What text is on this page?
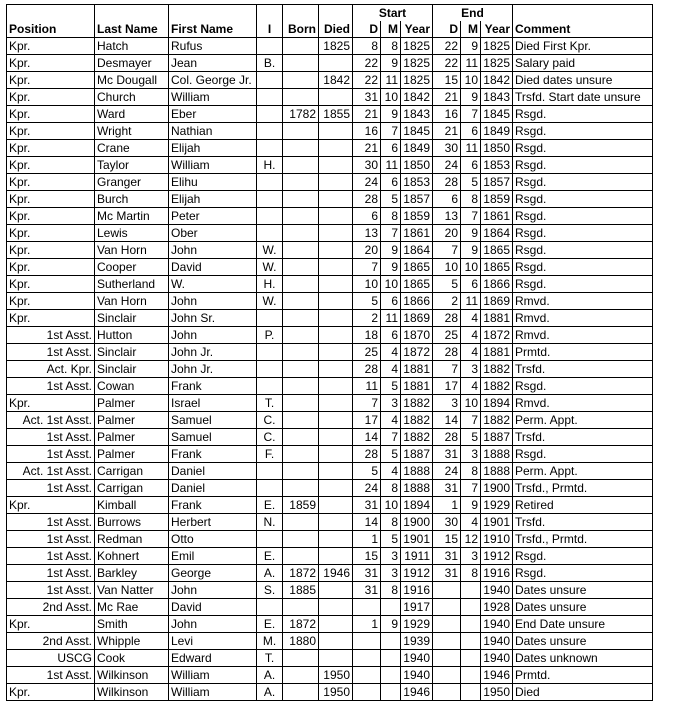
						Start			End			
Position	Last Name	First Name	I	Born	Died	D	M	Year	D	M	Year	Comment
Kpr.	Hatch	Rufus			1825	8	8	1825	22	9	1825	Died First Kpr.
Kpr.	Desmayer	Jean	B.			22	9	1825	22	11	1825	Salary paid
Kpr.	Mc Dougall	Col. George Jr.			1842	22	11	1825	15	10	1842	Died dates unsure
Kpr.	Church	William				31	10	1842	21	9	1843	Trsfd. Start date unsure
Kpr.	Ward	Eber		1782	1855	21	9	1843	16	7	1845	Rsgd.
Kpr.	Wright	Nathian				16	7	1845	21	6	1849	Rsgd.
Kpr.	Crane	Elijah				21	6	1849	30	11	1850	Rsgd.
Kpr.	Taylor	William	H.			30	11	1850	24	6	1853	Rsgd.
Kpr.	Granger	Elihu				24	6	1853	28	5	1857	Rsgd.
Kpr.	Burch	Elijah				28	5	1857	6	8	1859	Rsgd.
Kpr.	Mc Martin	Peter				6	8	1859	13	7	1861	Rsgd.
Kpr.	Lewis	Ober				13	7	1861	20	9	1864	Rsgd.
Kpr.	Van Horn	John	W.			20	9	1864	7	9	1865	Rsgd.
Kpr.	Cooper	David	W.			7	9	1865	10	10	1865	Rsgd.
Kpr.	Sutherland	W.	H.			10	10	1865	5	6	1866	Rsgd.
Kpr.	Van Horn	John	W.			5	6	1866	2	11	1869	Rmvd.
Kpr.	Sinclair	John Sr.				2	11	1869	28	4	1881	Rmvd.
1st Asst.	Hutton	John	P.			18	6	1870	25	4	1872	Rmvd.
1st Asst.	Sinclair	John Jr.				25	4	1872	28	4	1881	Prmtd.
Act. Kpr.	Sinclair	John Jr.				28	4	1881	7	3	1882	Trsfd.
1st Asst.	Cowan	Frank				11	5	1881	17	4	1882	Rsgd.
Kpr.	Palmer	Israel	T.			7	3	1882	3	10	1894	Rmvd.
Act. 1st Asst.	Palmer	Samuel	C.			17	4	1882	14	7	1882	Perm. Appt.
1st Asst.	Palmer	Samuel	C.			14	7	1882	28	5	1887	Trsfd.
1st Asst.	Palmer	Frank	F.			28	5	1887	31	3	1888	Rsgd.
Act. 1st Asst.	Carrigan	Daniel				5	4	1888	24	8	1888	Perm. Appt.
1st Asst.	Carrigan	Daniel				24	8	1888	31	7	1900	Trsfd., Prmtd.
Kpr.	Kimball	Frank	E.	1859		31	10	1894	1	9	1929	Retired
1st Asst.	Burrows	Herbert	N.			14	8	1900	30	4	1901	Trsfd.
1st Asst.	Redman	Otto				1	5	1901	15	12	1910	Trsfd., Prmtd.
1st Asst.	Kohnert	Emil	E.			15	3	1911	31	3	1912	Rsgd.
1st Asst.	Barkley	George	A.	1872	1946	31	3	1912	31	8	1916	Rsgd.
1st Asst.	Van Natter	John	S.	1885		31	8	1916			1940	Dates unsure
2nd Asst.	Mc Rae	David						1917			1928	Dates unsure
Kpr.	Smith	John	E.	1872		1	9	1929			1940	End Date unsure
2nd Asst.	Whipple	Levi	M.	1880				1939			1940	Dates unsure
USCG	Cook	Edward	T.					1940			1940	Dates unknown
1st Asst.	Wilkinson	William	A.		1950			1940			1946	Prmtd.
Kpr.	Wilkinson	William	A.		1950			1946			1950	Died
